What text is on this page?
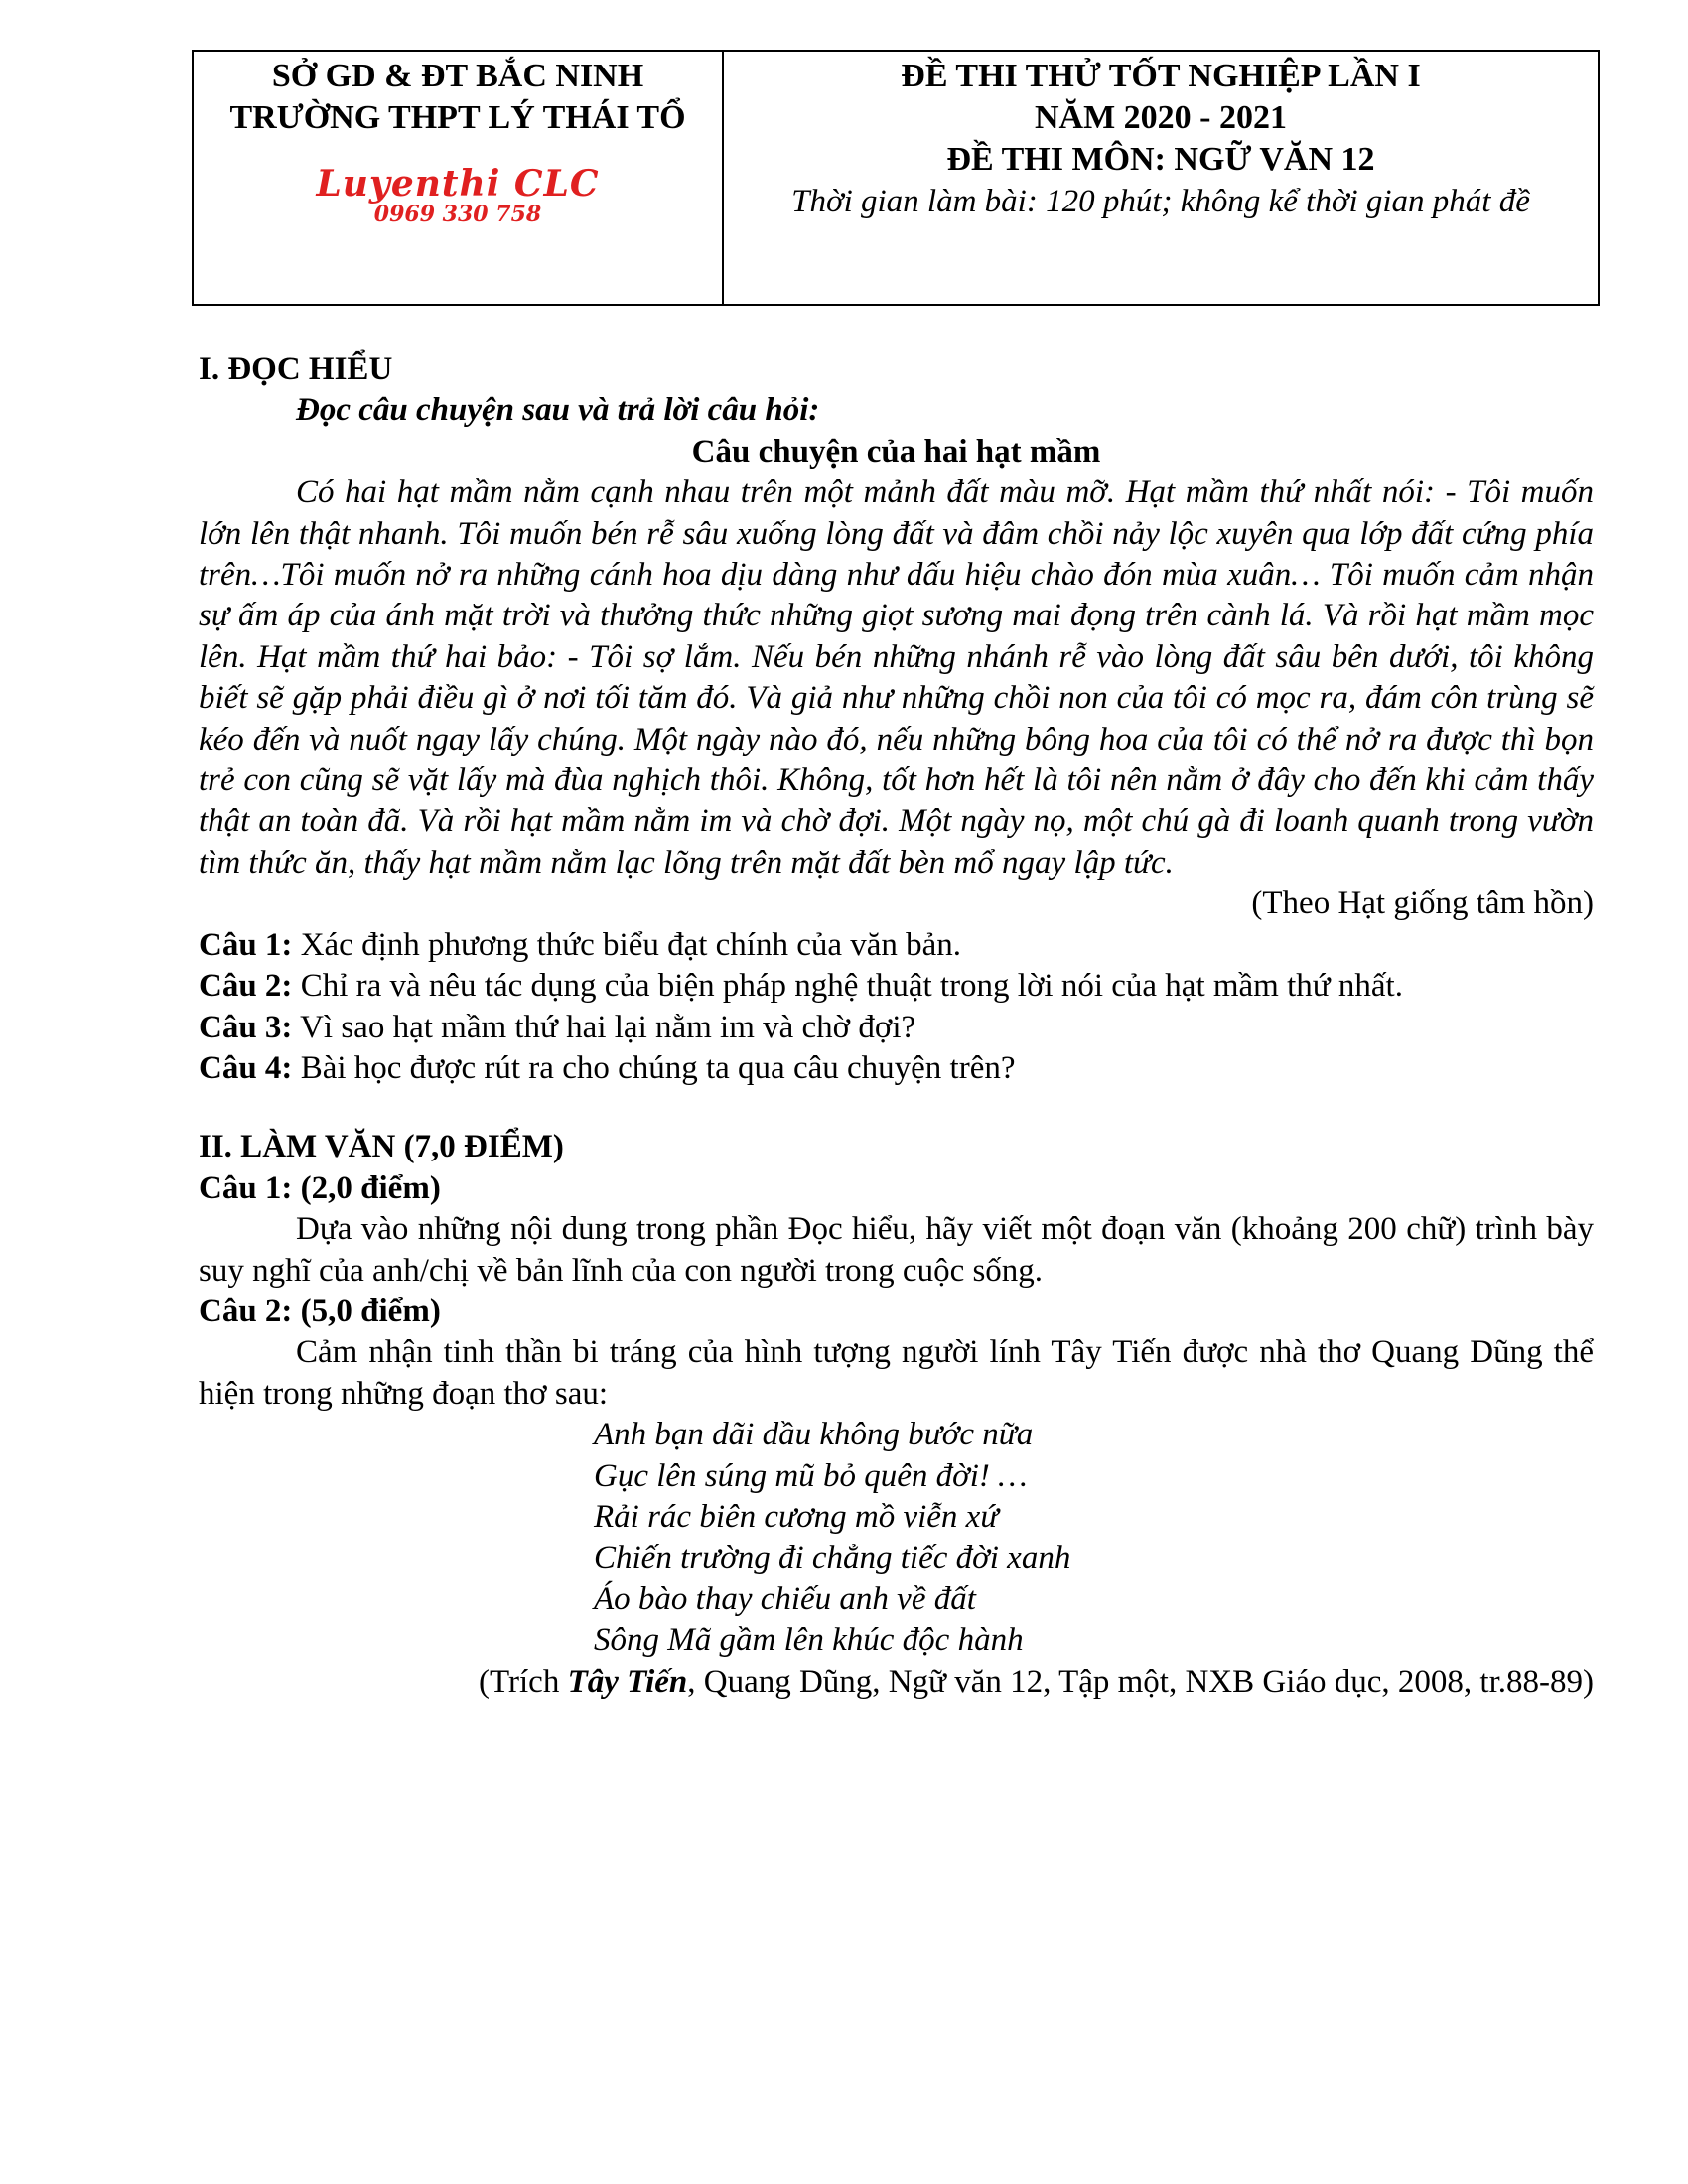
SỞ GD & ĐT BẮC NINH
TRƯỜNG THPT LÝ THÁI TỔ
Luyenthi CLC
0969 330 758
ĐỀ THI THỬ TỐT NGHIỆP LẦN I
NĂM 2020 - 2021
ĐỀ THI MÔN: NGỮ VĂN 12
Thời gian làm bài: 120 phút; không kể thời gian phát đề

I. ĐỌC HIỂU

Đọc câu chuyện sau và trả lời câu hỏi:

Câu chuyện của hai hạt mầm

Có hai hạt mầm nằm cạnh nhau trên một mảnh đất màu mỡ. Hạt mầm thứ nhất nói: - Tôi muốn lớn lên thật nhanh. Tôi muốn bén rễ sâu xuống lòng đất và đâm chồi nảy lộc xuyên qua lớp đất cứng phía trên…Tôi muốn nở ra những cánh hoa dịu dàng như dấu hiệu chào đón mùa xuân… Tôi muốn cảm nhận sự ấm áp của ánh mặt trời và thưởng thức những giọt sương mai đọng trên cành lá. Và rồi hạt mầm mọc lên. Hạt mầm thứ hai bảo: - Tôi sợ lắm. Nếu bén những nhánh rễ vào lòng đất sâu bên dưới, tôi không biết sẽ gặp phải điều gì ở nơi tối tăm đó. Và giả như những chồi non của tôi có mọc ra, đám côn trùng sẽ kéo đến và nuốt ngay lấy chúng. Một ngày nào đó, nếu những bông hoa của tôi có thể nở ra được thì bọn trẻ con cũng sẽ vặt lấy mà đùa nghịch thôi. Không, tốt hơn hết là tôi nên nằm ở đây cho đến khi cảm thấy thật an toàn đã. Và rồi hạt mầm nằm im và chờ đợi. Một ngày nọ, một chú gà đi loanh quanh trong vườn tìm thức ăn, thấy hạt mầm nằm lạc lõng trên mặt đất bèn mổ ngay lập tức.

(Theo Hạt giống tâm hồn)

Câu 1: Xác định phương thức biểu đạt chính của văn bản.

Câu 2: Chỉ ra và nêu tác dụng của biện pháp nghệ thuật trong lời nói của hạt mầm thứ nhất.

Câu 3: Vì sao hạt mầm thứ hai lại nằm im và chờ đợi?

Câu 4: Bài học được rút ra cho chúng ta qua câu chuyện trên?

II. LÀM VĂN (7,0 ĐIỂM)

Câu 1: (2,0 điểm)

Dựa vào những nội dung trong phần Đọc hiểu, hãy viết một đoạn văn (khoảng 200 chữ) trình bày suy nghĩ của anh/chị về bản lĩnh của con người trong cuộc sống.

Câu 2: (5,0 điểm)

Cảm nhận tinh thần bi tráng của hình tượng người lính Tây Tiến được nhà thơ Quang Dũng thể hiện trong những đoạn thơ sau:

Anh bạn dãi dầu không bước nữa
Gục lên súng mũ bỏ quên đời! …
Rải rác biên cương mồ viễn xứ
Chiến trường đi chẳng tiếc đời xanh
Áo bào thay chiếu anh về đất
Sông Mã gầm lên khúc độc hành

(Trích Tây Tiến, Quang Dũng, Ngữ văn 12, Tập một, NXB Giáo dục, 2008, tr.88-89)
